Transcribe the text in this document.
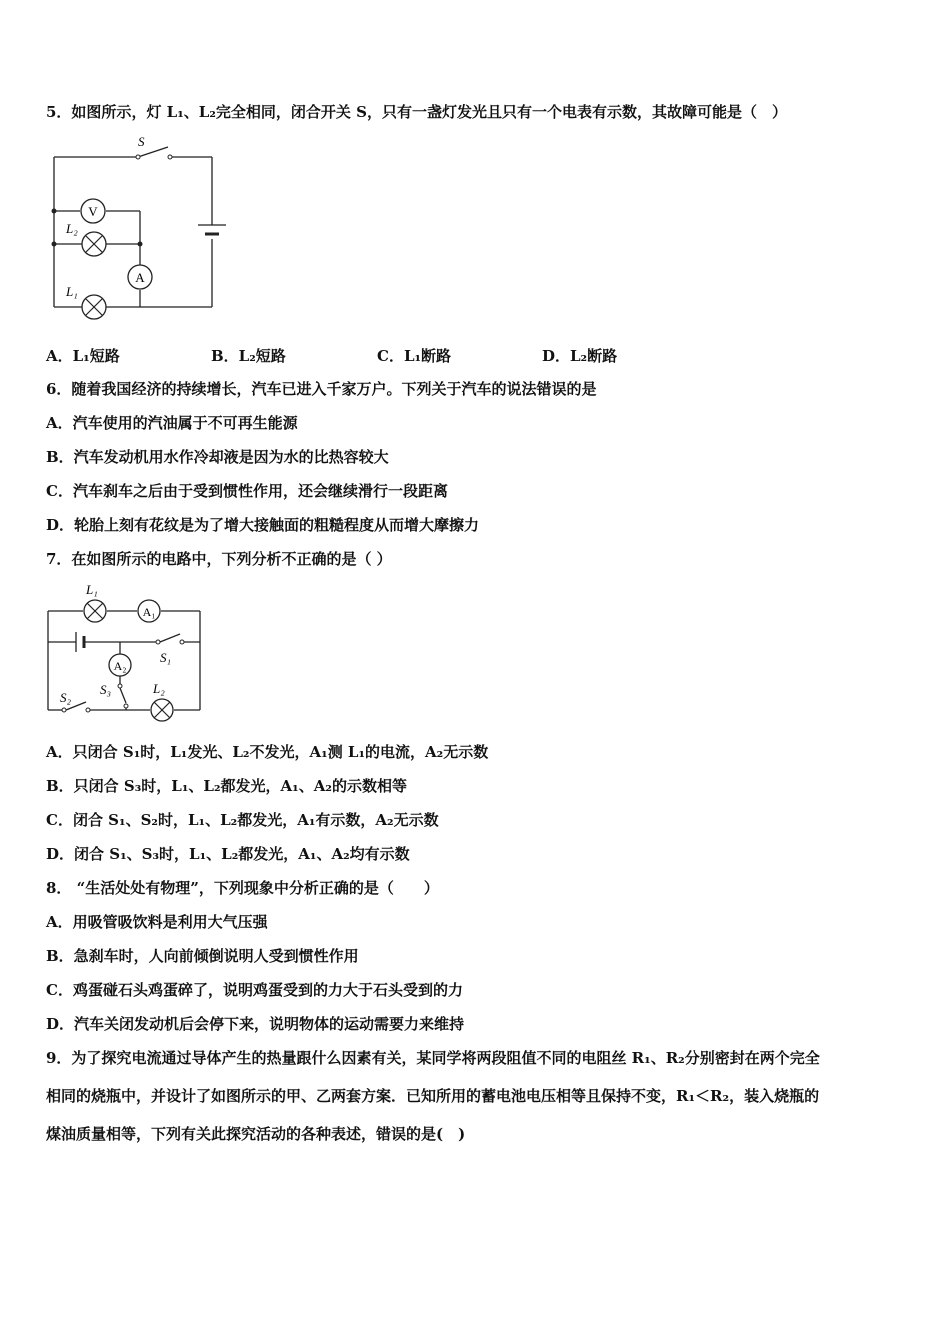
5．如图所示，灯 L₁、L₂完全相同，闭合开关 S，只有一盏灯发光且只有一个电表有示数，其故障可能是（　）
V
L₂
A
L₁
S
A．L₁短路	B．L₂短路	C．L₁断路	D．L₂断路
6．随着我国经济的持续增长，汽车已进入千家万户。下列关于汽车的说法错误的是
A．汽车使用的汽油属于不可再生能源
B．汽车发动机用水作冷却液是因为水的比热容较大
C．汽车刹车之后由于受到惯性作用，还会继续滑行一段距离
D．轮胎上刻有花纹是为了增大接触面的粗糙程度从而增大摩擦力
7．在如图所示的电路中，下列分析不正确的是（ ）
L₁
A₁
A₂
L₂
S₁
S₃
S₂
A．只闭合 S₁时，L₁发光、L₂不发光，A₁测 L₁的电流，A₂无示数
B．只闭合 S₃时，L₁、L₂都发光，A₁、A₂的示数相等
C．闭合 S₁、S₂时，L₁、L₂都发光，A₁有示数，A₂无示数
D．闭合 S₁、S₃时，L₁、L₂都发光，A₁、A₂均有示数
8． “生活处处有物理”，下列现象中分析正确的是（　　）
A．用吸管吸饮料是利用大气压强
B．急刹车时，人向前倾倒说明人受到惯性作用
C．鸡蛋碰石头鸡蛋碎了，说明鸡蛋受到的力大于石头受到的力
D．汽车关闭发动机后会停下来，说明物体的运动需要力来维持
9．为了探究电流通过导体产生的热量跟什么因素有关，某同学将两段阻值不同的电阻丝 R₁、R₂分别密封在两个完全
相同的烧瓶中，并设计了如图所示的甲、乙两套方案．已知所用的蓄电池电压相等且保持不变，R₁＜R₂，装入烧瓶的
煤油质量相等，下列有关此探究活动的各种表述，错误的是(　)
